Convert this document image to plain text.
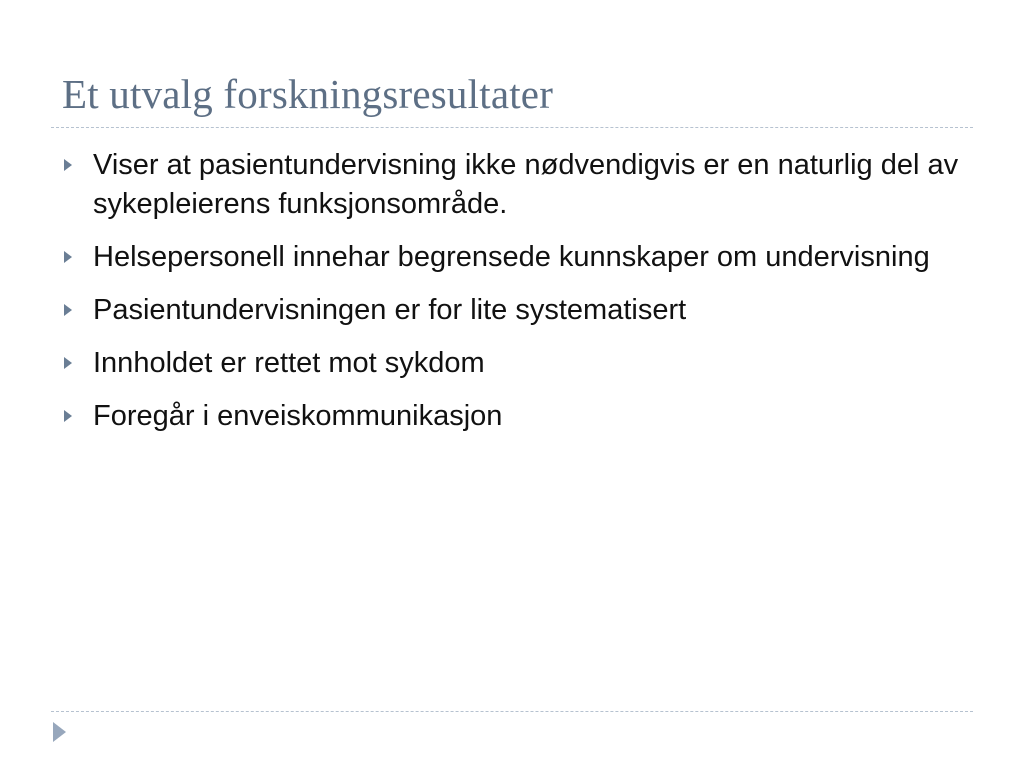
Et utvalg forskningsresultater
Viser at pasientundervisning ikke nødvendigvis er en naturlig del av sykepleierens funksjonsområde.
Helsepersonell innehar begrensede kunnskaper om undervisning
Pasientundervisningen er for lite systematisert
Innholdet er rettet mot sykdom
Foregår i enveiskommunikasjon
